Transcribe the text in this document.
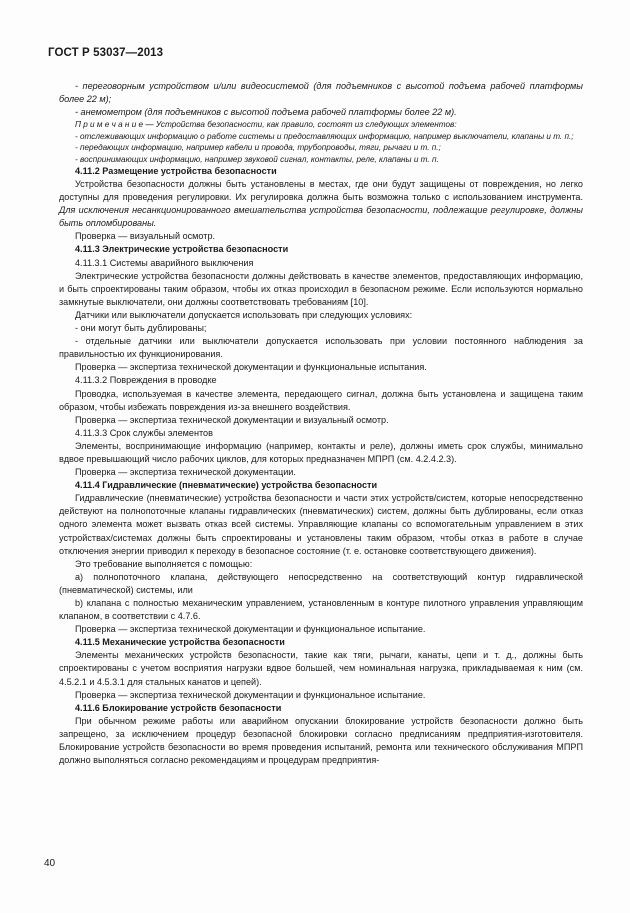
ГОСТ Р 53037—2013

- переговорным устройством и/или видеосистемой (для подъемников с высотой подъема рабочей платформы более 22 м);

- анемометром (для подъемников с высотой подъема рабочей платформы более 22 м).

П р и м е ч а н и е — Устройства безопасности, как правило, состоят из следующих элементов:

- отслеживающих информацию о работе системы и предоставляющих информацию, например выключатели, клапаны и т. п.;

- передающих информацию, например кабели и провода, трубопроводы, тяги, рычаги и т. п.;

- воспринимающих информацию, например звуковой сигнал, контакты, реле, клапаны и т. п.

4.11.2 Размещение устройства безопасности

Устройства безопасности должны быть установлены в местах, где они будут защищены от повреждения, но легко доступны для проведения регулировки. Их регулировка должна быть возможна только с использованием инструмента. Для исключения несанкционированного вмешательства устройства безопасности, подлежащие регулировке, должны быть опломбированы.

Проверка — визуальный осмотр.

4.11.3 Электрические устройства безопасности

4.11.3.1 Системы аварийного выключения

Электрические устройства безопасности должны действовать в качестве элементов, предоставляющих информацию, и быть спроектированы таким образом, чтобы их отказ происходил в безопасном режиме. Если используются нормально замкнутые выключатели, они должны соответствовать требованиям [10].

Датчики или выключатели допускается использовать при следующих условиях:

- они могут быть дублированы;

- отдельные датчики или выключатели допускается использовать при условии постоянного наблюдения за правильностью их функционирования.

Проверка — экспертиза технической документации и функциональные испытания.

4.11.3.2 Повреждения в проводке

Проводка, используемая в качестве элемента, передающего сигнал, должна быть установлена и защищена таким образом, чтобы избежать повреждения из-за внешнего воздействия.

Проверка — экспертиза технической документации и визуальный осмотр.

4.11.3.3 Срок службы элементов

Элементы, воспринимающие информацию (например, контакты и реле), должны иметь срок службы, минимально вдвое превышающий число рабочих циклов, для которых предназначен МПРП (см. 4.2.4.2.3).

Проверка — экспертиза технической документации.

4.11.4 Гидравлические (пневматические) устройства безопасности

Гидравлические (пневматические) устройства безопасности и части этих устройств/систем, которые непосредственно действуют на полнопоточные клапаны гидравлических (пневматических) систем, должны быть дублированы, если отказ одного элемента может вызвать отказ всей системы. Управляющие клапаны со вспомогательным управлением в этих устройствах/системах должны быть спроектированы и установлены таким образом, чтобы отказ в работе в случае отключения энергии приводил к переходу в безопасное состояние (т. е. остановке соответствующего движения).

Это требование выполняется с помощью:

a) полнопоточного клапана, действующего непосредственно на соответствующий контур гидравлической (пневматической) системы, или

b) клапана с полностью механическим управлением, установленным в контуре пилотного управления управляющим клапаном, в соответствии с 4.7.6.

Проверка — экспертиза технической документации и функциональное испытание.

4.11.5 Механические устройства безопасности

Элементы механических устройств безопасности, такие как тяги, рычаги, канаты, цепи и т. д., должны быть спроектированы с учетом восприятия нагрузки вдвое большей, чем номинальная нагрузка, прикладываемая к ним (см. 4.5.2.1 и 4.5.3.1 для стальных канатов и цепей).

Проверка — экспертиза технической документации и функциональное испытание.

4.11.6 Блокирование устройств безопасности

При обычном режиме работы или аварийном опускании блокирование устройств безопасности должно быть запрещено, за исключением процедур безопасной блокировки согласно предписаниям предприятия-изготовителя. Блокирование устройств безопасности во время проведения испытаний, ремонта или технического обслуживания МПРП должно выполняться согласно рекомендациям и процедурам предприятия-

40
